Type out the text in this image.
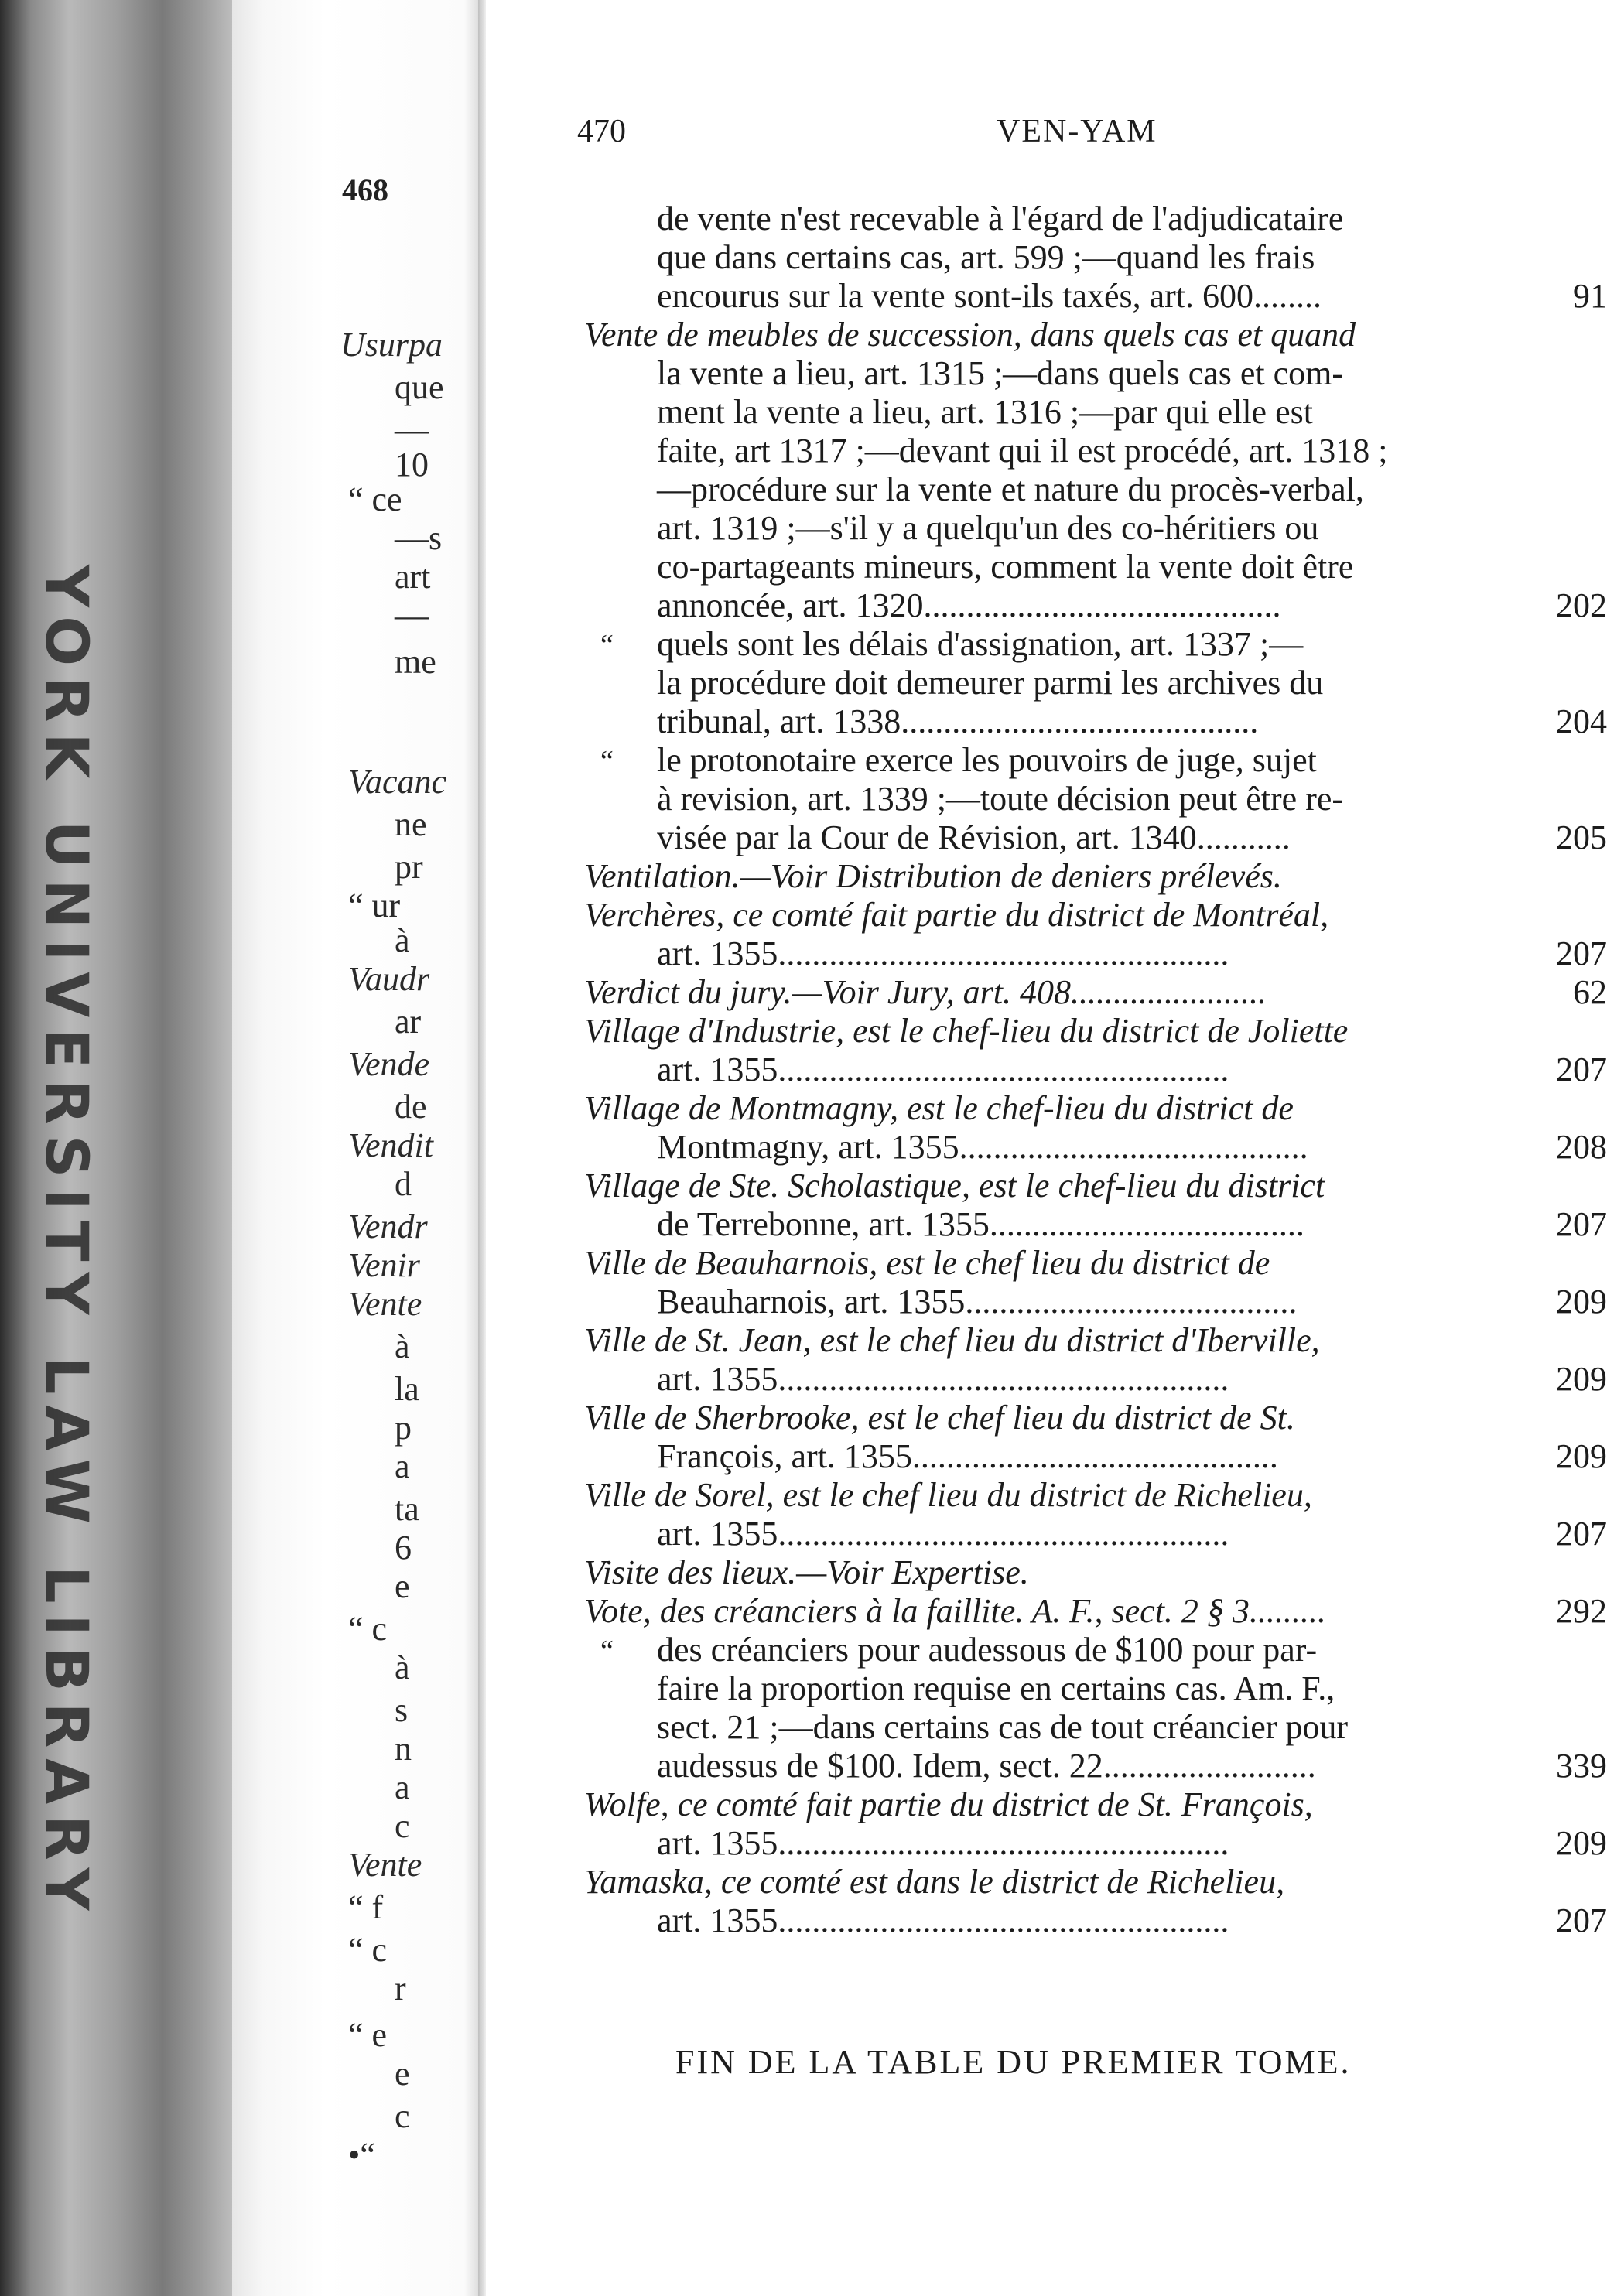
YORK UNIVERSITY LAW LIBRARY
468
Usurpa
que
—
10
“ ce
—s
art
—
me
Vacanc
ne
pr
“ ur
à
Vaudr
ar
Vende
de
Vendit
d
Vendr
Venir
Vente
à
la
p
a
ta
6
e
“ c
à
s
n
a
c
Vente
“ f
“ c
r
“ e
e
c
•“
470	VEN-YAM
de vente n'est recevable à l'égard de l'adjudicataire
que dans certains cas, art. 599 ;—quand les frais
encourus sur la vente sont-ils taxés, art. 600........	91
Vente de meubles de succession, dans quels cas et quand
la vente a lieu, art. 1315 ;—dans quels cas et com-
ment la vente a lieu, art. 1316 ;—par qui elle est
faite, art 1317 ;—devant qui il est procédé, art. 1318 ;
—procédure sur la vente et nature du procès-verbal,
art. 1319 ;—s'il y a quelqu'un des co-héritiers ou
co-partageants mineurs, comment la vente doit être
annoncée, art. 1320..........................................	202
“ quels sont les délais d'assignation, art. 1337 ;—
la procédure doit demeurer parmi les archives du
tribunal, art. 1338..........................................	204
“ le protonotaire exerce les pouvoirs de juge, sujet
à revision, art. 1339 ;—toute décision peut être re-
visée par la Cour de Révision, art. 1340...........	205
Ventilation.—Voir Distribution de deniers prélevés.
Verchères, ce comté fait partie du district de Montréal,
art. 1355.....................................................	207
Verdict du jury.—Voir Jury, art. 408.......................	62
Village d'Industrie, est le chef-lieu du district de Joliette
art. 1355.....................................................	207
Village de Montmagny, est le chef-lieu du district de
Montmagny, art. 1355.........................................	208
Village de Ste. Scholastique, est le chef-lieu du district
de Terrebonne, art. 1355.....................................	207
Ville de Beauharnois, est le chef lieu du district de
Beauharnois, art. 1355.......................................	209
Ville de St. Jean, est le chef lieu du district d'Iberville,
art. 1355.....................................................	209
Ville de Sherbrooke, est le chef lieu du district de St.
François, art. 1355...........................................	209
Ville de Sorel, est le chef lieu du district de Richelieu,
art. 1355.....................................................	207
Visite des lieux.—Voir Expertise.
Vote, des créanciers à la faillite. A. F., sect. 2 § 3.........	292
“ des créanciers pour audessous de $100 pour par-
faire la proportion requise en certains cas. Am. F.,
sect. 21 ;—dans certains cas de tout créancier pour
audessus de $100. Idem, sect. 22.........................	339
Wolfe, ce comté fait partie du district de St. François,
art. 1355.....................................................	209
Yamaska, ce comté est dans le district de Richelieu,
art. 1355.....................................................	207
FIN DE LA TABLE DU PREMIER TOME.
